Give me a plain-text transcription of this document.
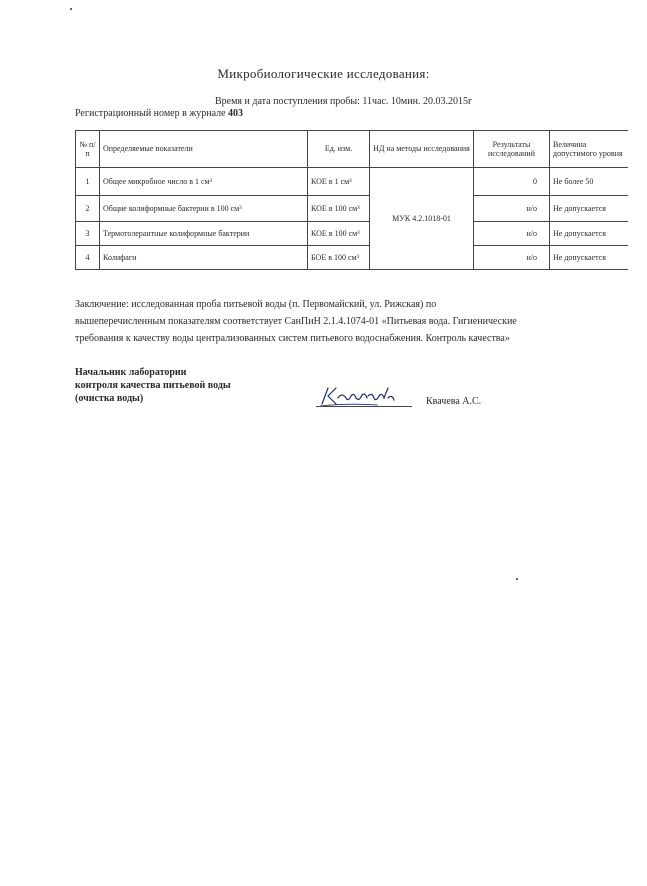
Микробиологические исследования:
Время и дата поступления пробы: 11час. 10мин. 20.03.2015г
Регистрационный номер в журнале 403
№ п/п	Определяемые показатели	Ед. изм.	НД на методы исследования	Результаты исследований	Величина допустимого уровня
1	Общее микробное число в 1 см³	КОЕ в 1 см³	МУК 4.2.1018-01	0	Не более 50
2	Общие колиформные бактерии в 100 см³	КОЕ в 100 см³		н/о	Не допускается
3	Термотолерантные колиформные бактерии	КОЕ в 100 см³		н/о	Не допускается
4	Колифаги	БОЕ в 100 см³		н/о	Не допускается
Заключение: исследованная проба питьевой воды (п. Первомайский, ул. Рижская) по
вышеперечисленным показателям соответствует СанПиН 2.1.4.1074-01 «Питьевая вода. Гигиенические
требования к качеству воды централизованных систем питьевого водоснабжения. Контроль качества»
Начальник лаборатории
контроля качества питьевой воды
(очистка воды)	Квачева А.С.
